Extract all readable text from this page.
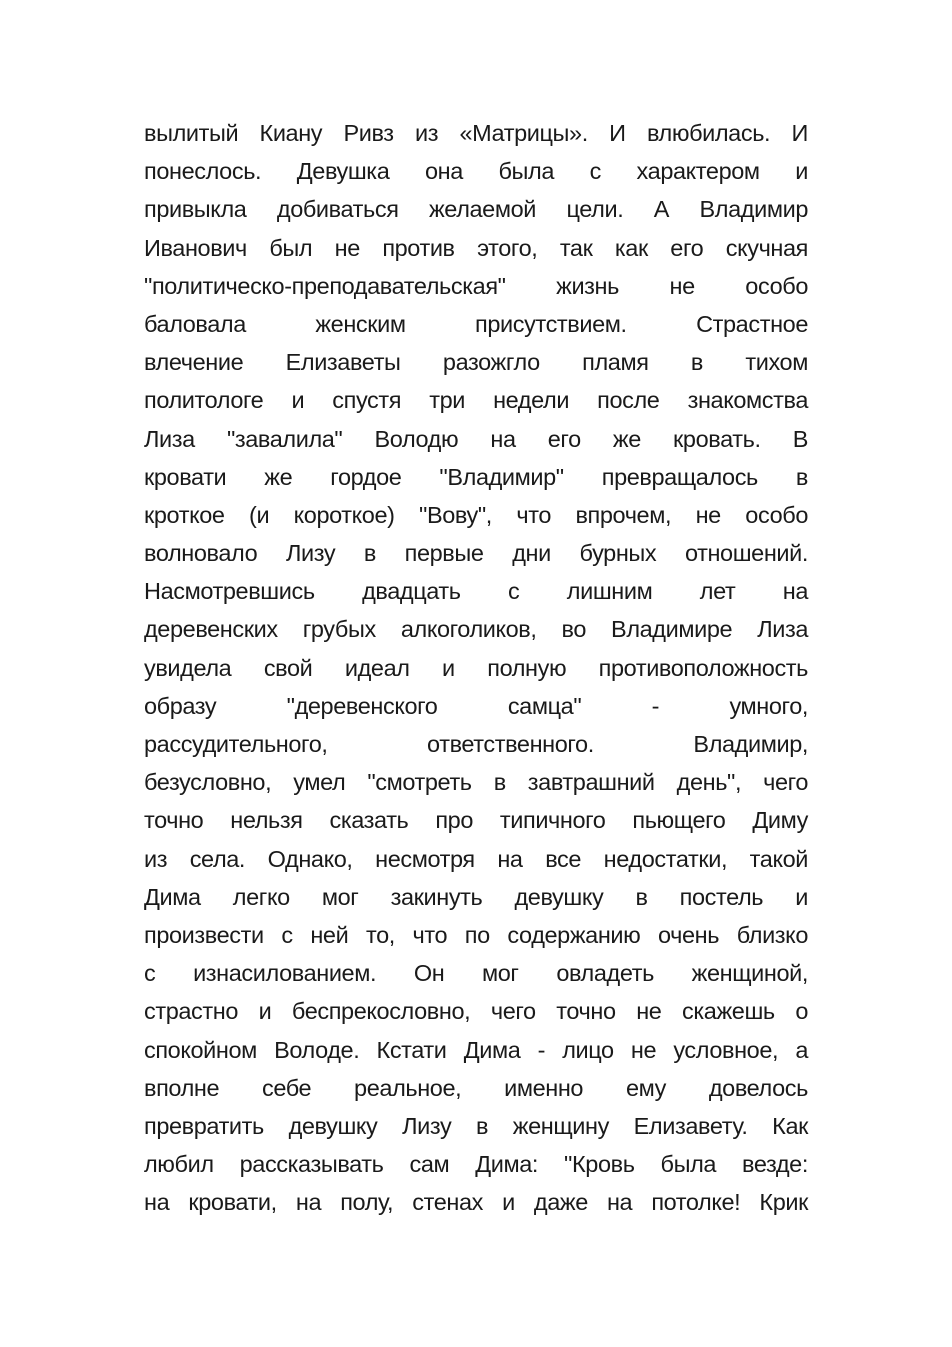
вылитый Киану Ривз из «Матрицы». И влюбилась. И
понеслось. Девушка она была с характером и
привыкла добиваться желаемой цели. А Владимир
Иванович был не против этого, так как его скучная
"политическо-преподавательская" жизнь не особо
баловала женским присутствием. Страстное
влечение Елизаветы разожгло пламя в тихом
политологе и спустя три недели после знакомства
Лиза "завалила" Володю на его же кровать. В
кровати же гордое "Владимир" превращалось в
кроткое (и короткое) "Вову", что впрочем, не особо
волновало Лизу в первые дни бурных отношений.
Насмотревшись двадцать с лишним лет на
деревенских грубых алкоголиков, во Владимире Лиза
увидела свой идеал и полную противоположность
образу "деревенского самца" - умного,
рассудительного, ответственного. Владимир,
безусловно, умел "смотреть в завтрашний день", чего
точно нельзя сказать про типичного пьющего Диму
из села. Однако, несмотря на все недостатки, такой
Дима легко мог закинуть девушку в постель и
произвести с ней то, что по содержанию очень близко
с изнасилованием. Он мог овладеть женщиной,
страстно и беспрекословно, чего точно не скажешь о
спокойном Володе. Кстати Дима - лицо не условное, а
вполне себе реальное, именно ему довелось
превратить девушку Лизу в женщину Елизавету. Как
любил рассказывать сам Дима: "Кровь была везде:
на кровати, на полу, стенах и даже на потолке! Крик
